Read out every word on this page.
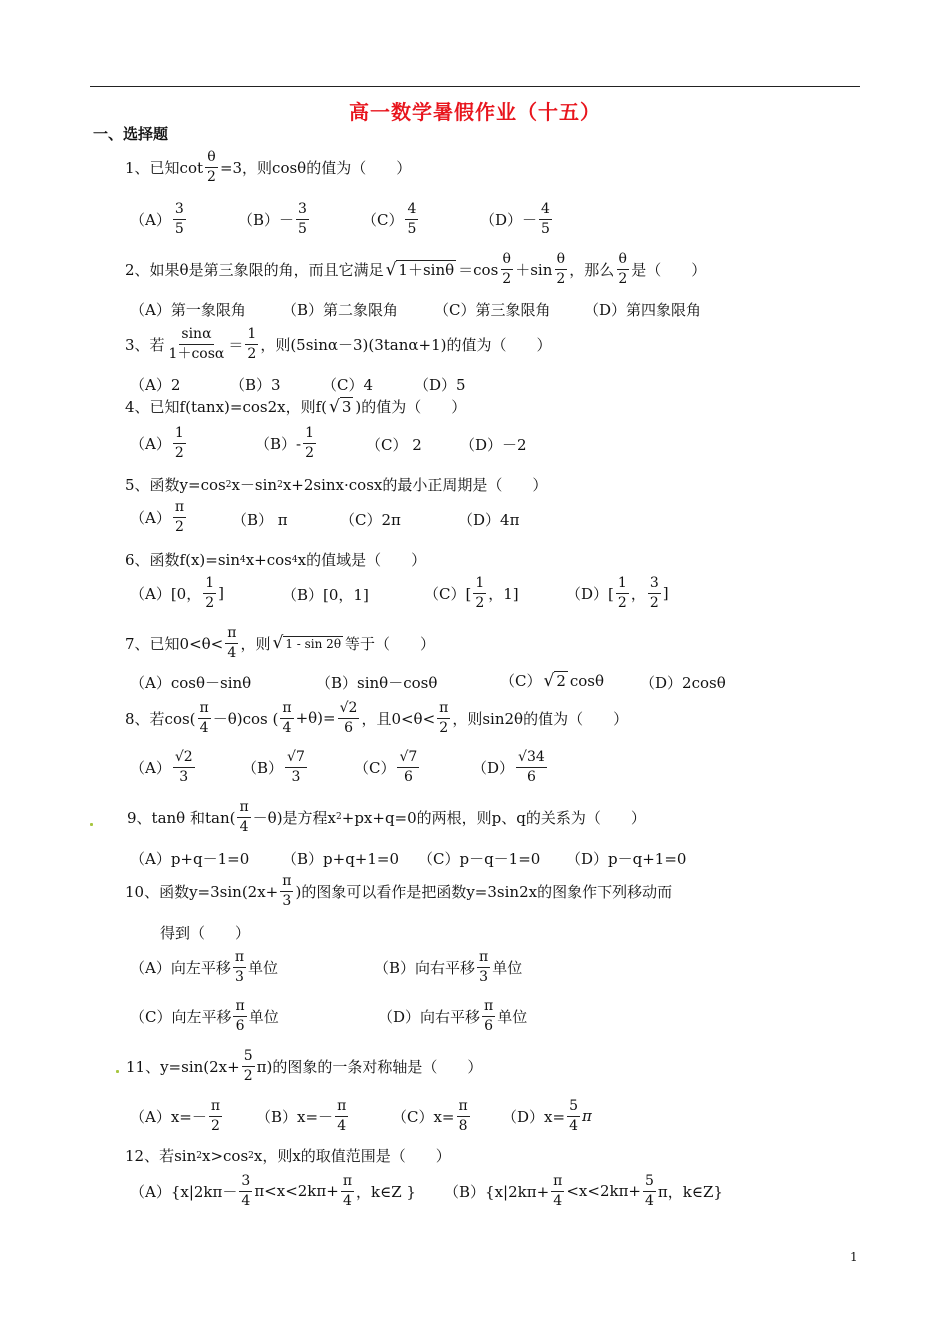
高一数学暑假作业（十五）
一、选择题
1、已知$\cot \frac{\theta}{2} =3$，则cosθ的值为（　　）
$(A) \frac{3}{5}$	$(B)- \frac{3}{5}$	$(C) \frac{4}{5}$	$(D)- \frac{4}{5}$
2、如果θ是第三象限的角，而且它满足 √ $1+\sin\theta =\cos \frac{\theta}{2} +\sin \frac{\theta}{2}$ ，那么 $\frac{\theta}{2}$ 是（　　）
（A）第一象限角 （B）第二象限角 （C）第三象限角 （D）第四象限角
3、若 $\frac{\sin\alpha}{1+\cos\alpha} = \frac{1}{2}$ ，则(5sinα－3)(3tanα+1)的值为（　　）
（A）2	（B）3	（C）4	（D）5
4、已知f(tanx)=cos2x，则f( √ 3 )的值为（　　）
$(A) \frac{1}{2}$	$(B)- \frac{1}{2}$	（C） 2	（D）－2
5、函数y=cos 2 x－sin 2 x+2sinx·cosx的最小正周期是（　　）
$(A) \frac{\pi}{2}$	（B） π	（C）2π	（D）4π
6、函数f(x)=sin 4 x+cos 4 x的值域是（　　）
（A）[0， $\frac{1}{2}$ ]	（B）[0，1]	$(C)[ \frac{1}{2}$ ，1]	$(D)[ \frac{1}{2}$ ， $\frac{3}{2}$ ]
7、已知$0<\theta< \frac{\pi}{4}$ ，则 √ 1 - sin 2θ 等于（　　）
（A）cosθ－sinθ	（B）sinθ－cosθ	（C） √ 2 cosθ （D）2cosθ
8、若$\cos( \frac{\pi}{4} -\theta)\cos$ ( $\frac{\pi}{4} +\theta)= \frac{√2}{6}$ ，且$0<\theta< \frac{\pi}{2}$ ，则sin2θ的值为（　　）
$(A) \frac{√2}{3}$	$(B) \frac{√7}{3}$	$(C) \frac{√7}{6}$	$(D) \frac{√34}{6}$
9、tanθ 和$\tan( \frac{\pi}{4} -\theta)$是方程x 2 +px+q=0的两根，则p、q的关系为（　　）
（A）p+q－1=0 （B）p+q+1=0 （C）p－q－1=0 （D）p－q+1=0
10、函数$y=3\sin(2x+ \frac{\pi}{3}$ )的图象可以看作是把函数y=3sin2x的图象作下列移动而
得到（　　）
（A）向左平移 $\frac{\pi}{3}$ 单位	（B）向右平移 $\frac{\pi}{3}$ 单位
（C）向左平移 $\frac{\pi}{6}$ 单位	（D）向右平移 $\frac{\pi}{6}$ 单位
11、$y=\sin(2x+ \frac{5}{2} \pi)$的图象的一条对称轴是（　　）
$(A)x=- \frac{\pi}{2} (B)x=- \frac{\pi}{4}$	$(C)x= \frac{\pi}{8} (D)x= \frac{5}{4}$ π
12、若sin 2 x>cos 2 x，则x的取值范围是（　　）
$(A)\{x|2k\pi- \frac{3}{4} \pi<x<2k\pi+ \frac{\pi}{4}$ ，k∈Z } $(B)\{x|2k\pi+ \frac{\pi}{4} <x<2k\pi+ \frac{5}{4}$ π，k∈Z}
1
